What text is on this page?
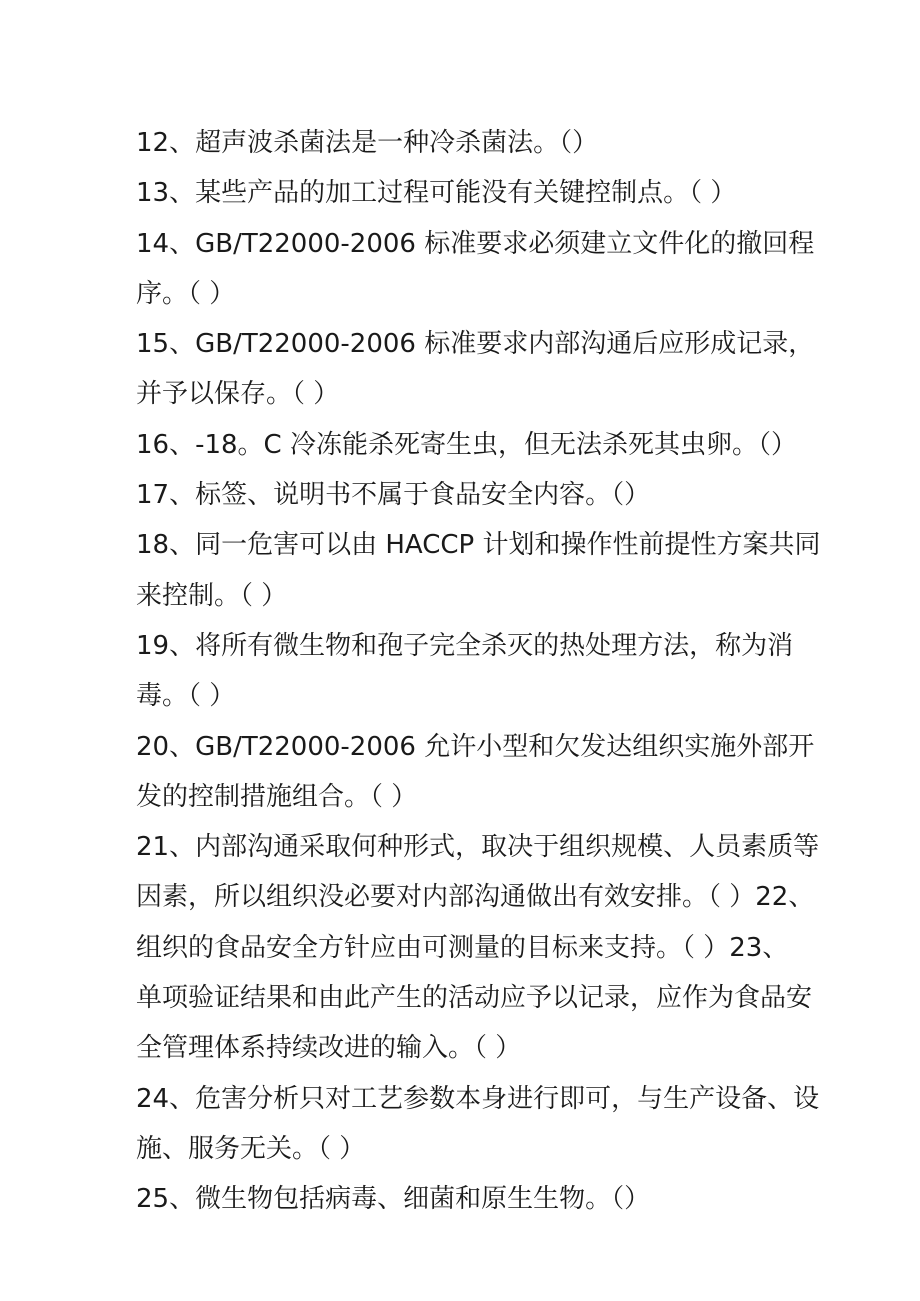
12、超声波杀菌法是一种冷杀菌法。（）
13、某些产品的加工过程可能没有关键控制点。（ ）
14、GB/T22000-2006 标准要求必须建立文件化的撤回程
序。（ ）
15、GB/T22000-2006 标准要求内部沟通后应形成记录，
并予以保存。（ ）
16、-18。C 冷冻能杀死寄生虫，但无法杀死其虫卵。（）
17、标签、说明书不属于食品安全内容。（）
18、同一危害可以由 HACCP 计划和操作性前提性方案共同
来控制。（ ）
19、将所有微生物和孢子完全杀灭的热处理方法，称为消
毒。（ ）
20、GB/T22000-2006 允许小型和欠发达组织实施外部开
发的控制措施组合。（ ）
21、内部沟通采取何种形式，取决于组织规模、人员素质等
因素，所以组织没必要对内部沟通做出有效安排。（ ）22、
组织的食品安全方针应由可测量的目标来支持。（ ）23、
单项验证结果和由此产生的活动应予以记录，应作为食品安
全管理体系持续改进的输入。（ ）
24、危害分析只对工艺参数本身进行即可，与生产设备、设
施、服务无关。（ ）
25、微生物包括病毒、细菌和原生生物。（）
